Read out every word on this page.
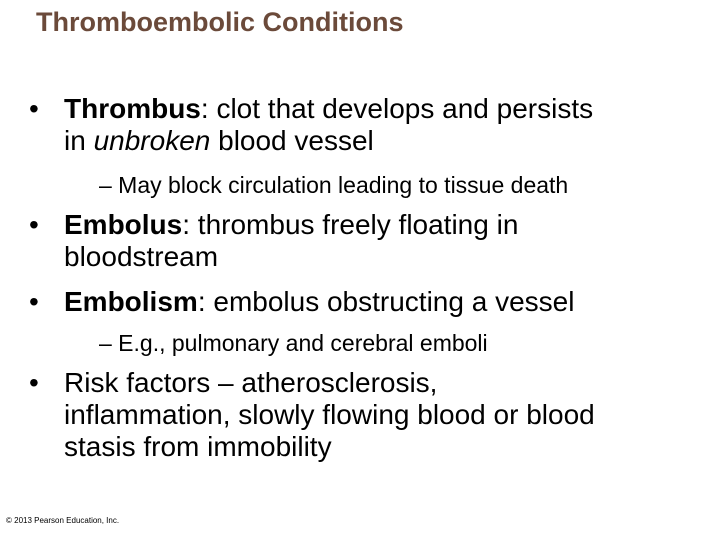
Thromboembolic Conditions
• Thrombus: clot that develops and persists
in unbroken blood vessel
– May block circulation leading to tissue death
• Embolus: thrombus freely floating in
bloodstream
• Embolism: embolus obstructing a vessel
– E.g., pulmonary and cerebral emboli
• Risk factors – atherosclerosis,
inflammation, slowly flowing blood or blood
stasis from immobility
© 2013 Pearson Education, Inc.
